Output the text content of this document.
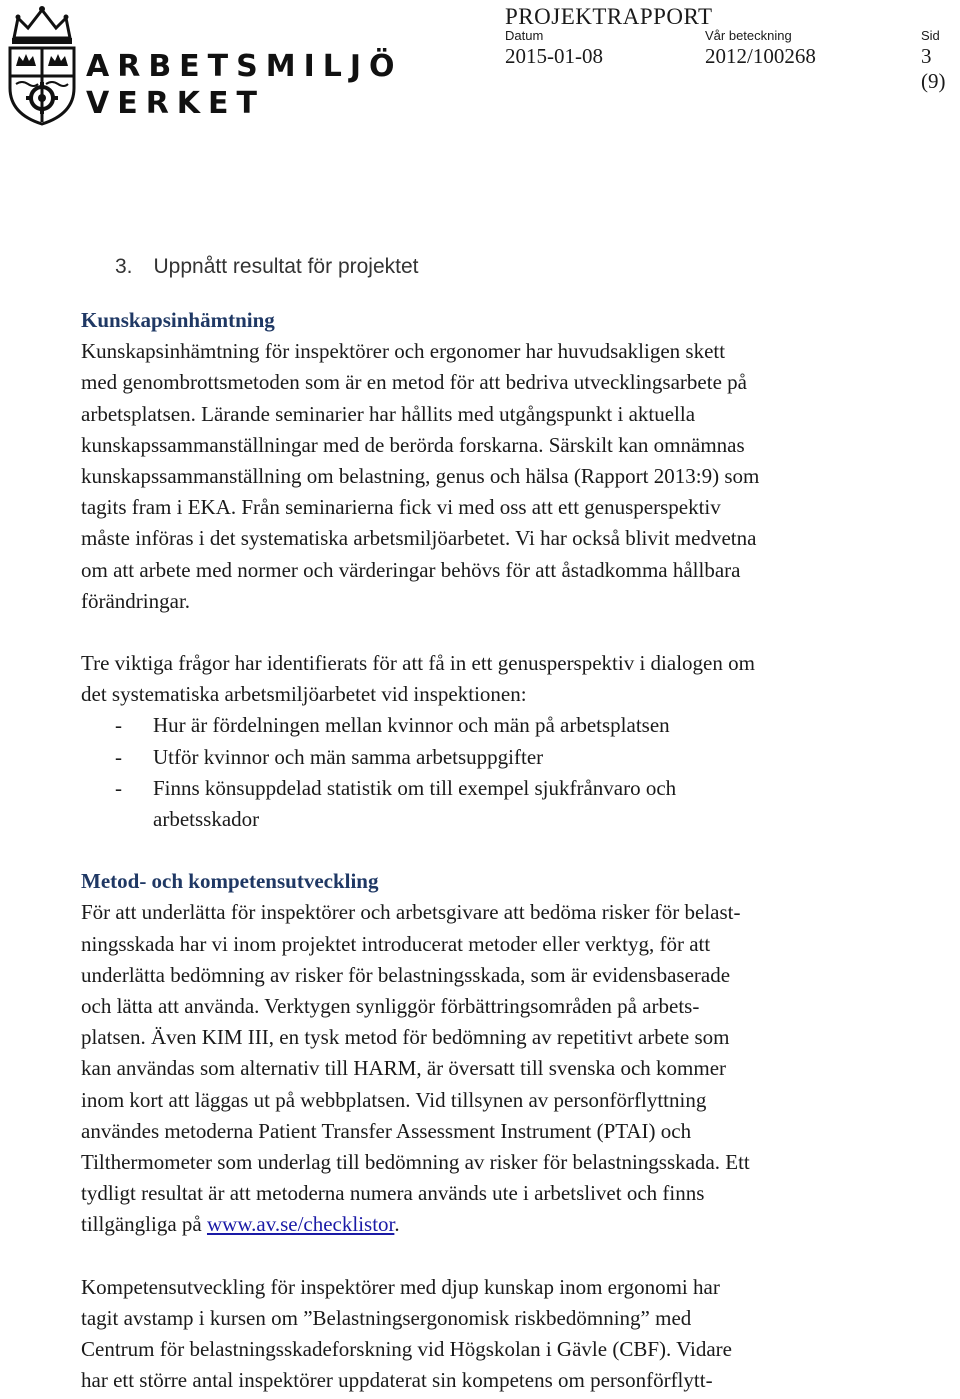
ARBETSMILJÖ
VERKET
PROJEKTRAPPORT
Datum
2015-01-08
Vår beteckning
2012/100268
Sid
3 (9)
3. Uppnått resultat för projektet
Kunskapsinhämtning

Kunskapsinhämtning för inspektörer och ergonomer har huvudsakligen skett
med genombrottsmetoden som är en metod för att bedriva utvecklingsarbete på
arbetsplatsen. Lärande seminarier har hållits med utgångspunkt i aktuella
kunskapssammanställningar med de berörda forskarna. Särskilt kan omnämnas
kunskapssammanställning om belastning, genus och hälsa (Rapport 2013:9) som
tagits fram i EKA. Från seminarierna fick vi med oss att ett genusperspektiv
måste införas i det systematiska arbetsmiljöarbetet. Vi har också blivit medvetna
om att arbete med normer och värderingar behövs för att åstadkomma hållbara
förändringar.

Tre viktiga frågor har identifierats för att få in ett genusperspektiv i dialogen om
det systematiska arbetsmiljöarbetet vid inspektionen:

- Hur är fördelningen mellan kvinnor och män på arbetsplatsen
- Utför kvinnor och män samma arbetsuppgifter
- Finns könsuppdelad statistik om till exempel sjukfrånvaro och
arbetsskador
Metod- och kompetensutveckling

För att underlätta för inspektörer och arbetsgivare att bedöma risker för belast-
ningsskada har vi inom projektet introducerat metoder eller verktyg, för att
underlätta bedömning av risker för belastningsskada, som är evidensbaserade
och lätta att använda. Verktygen synliggör förbättringsområden på arbets-
platsen. Även KIM III, en tysk metod för bedömning av repetitivt arbete som
kan användas som alternativ till HARM, är översatt till svenska och kommer
inom kort att läggas ut på webbplatsen. Vid tillsynen av personförflyttning
användes metoderna Patient Transfer Assessment Instrument (PTAI) och
Tilthermometer som underlag till bedömning av risker för belastningsskada. Ett
tydligt resultat är att metoderna numera används ute i arbetslivet och finns
tillgängliga på www.av.se/checklistor.

Kompetensutveckling för inspektörer med djup kunskap inom ergonomi har
tagit avstamp i kursen om ”Belastningsergonomisk riskbedömning” med
Centrum för belastningsskadeforskning vid Högskolan i Gävle (CBF). Vidare
har ett större antal inspektörer uppdaterat sin kompetens om personförflytt-
